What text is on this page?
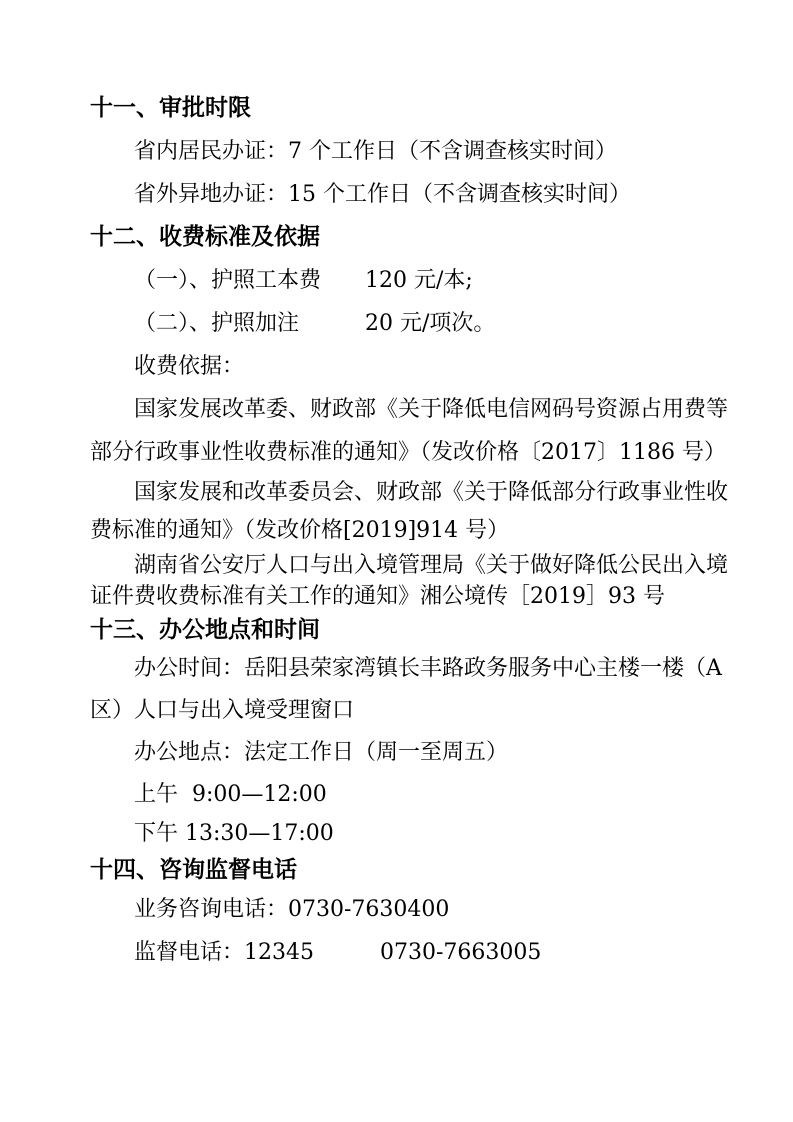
十一、审批时限

省内居民办证：7 个工作日（不含调查核实时间）

省外异地办证：15 个工作日（不含调查核实时间）

十二、收费标准及依据

（一）、护照工本费　　120 元/本;

（二）、护照加注　　　20 元/项次。

收费依据：

国家发展改革委、财政部《关于降低电信网码号资源占用费等

部分行政事业性收费标准的通知》（发改价格〔2017〕1186 号）

国家发展和改革委员会、财政部《关于降低部分行政事业性收

费标准的通知》（发改价格[2019]914 号）

湖南省公安厅人口与出入境管理局《关于做好降低公民出入境

证件费收费标准有关工作的通知》湘公境传［2019］93 号

十三、办公地点和时间

办公时间：岳阳县荣家湾镇长丰路政务服务中心主楼一楼（A

区）人口与出入境受理窗口

办公地点：法定工作日（周一至周五）

上午  9:00—12:00

下午 13:30—17:00

十四、咨询监督电话

业务咨询电话：0730-7630400

监督电话：12345　　　0730-7663005
